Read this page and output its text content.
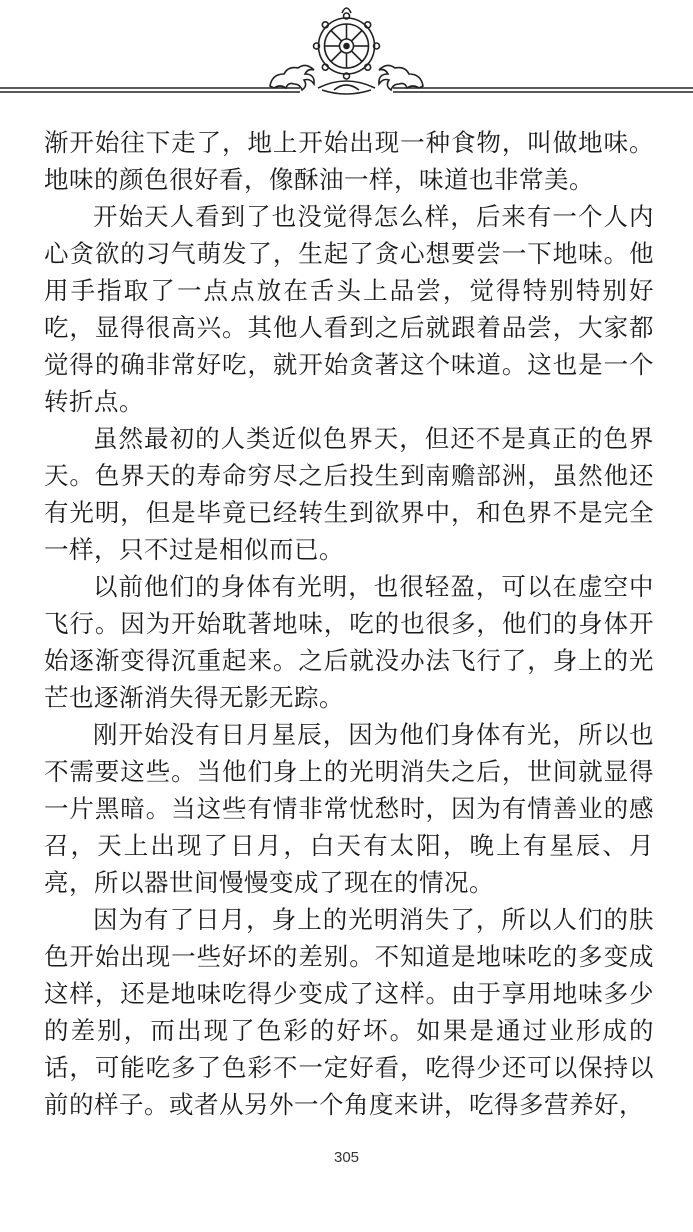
渐开始往下走了，地上开始出现一种食物，叫做地味。地味的颜色很好看，像酥油一样，味道也非常美。

开始天人看到了也没觉得怎么样，后来有一个人内心贪欲的习气萌发了，生起了贪心想要尝一下地味。他用手指取了一点点放在舌头上品尝，觉得特别特别好吃，显得很高兴。其他人看到之后就跟着品尝，大家都觉得的确非常好吃，就开始贪著这个味道。这也是一个转折点。

虽然最初的人类近似色界天，但还不是真正的色界天。色界天的寿命穷尽之后投生到南赡部洲，虽然他还有光明，但是毕竟已经转生到欲界中，和色界不是完全一样，只不过是相似而已。

以前他们的身体有光明，也很轻盈，可以在虚空中飞行。因为开始耽著地味，吃的也很多，他们的身体开始逐渐变得沉重起来。之后就没办法飞行了，身上的光芒也逐渐消失得无影无踪。

刚开始没有日月星辰，因为他们身体有光，所以也不需要这些。当他们身上的光明消失之后，世间就显得一片黑暗。当这些有情非常忧愁时，因为有情善业的感召，天上出现了日月，白天有太阳，晚上有星辰、月亮，所以器世间慢慢变成了现在的情况。

因为有了日月，身上的光明消失了，所以人们的肤色开始出现一些好坏的差别。不知道是地味吃的多变成这样，还是地味吃得少变成了这样。由于享用地味多少的差别，而出现了色彩的好坏。如果是通过业形成的话，可能吃多了色彩不一定好看，吃得少还可以保持以前的样子。或者从另外一个角度来讲，吃得多营养好，

305
